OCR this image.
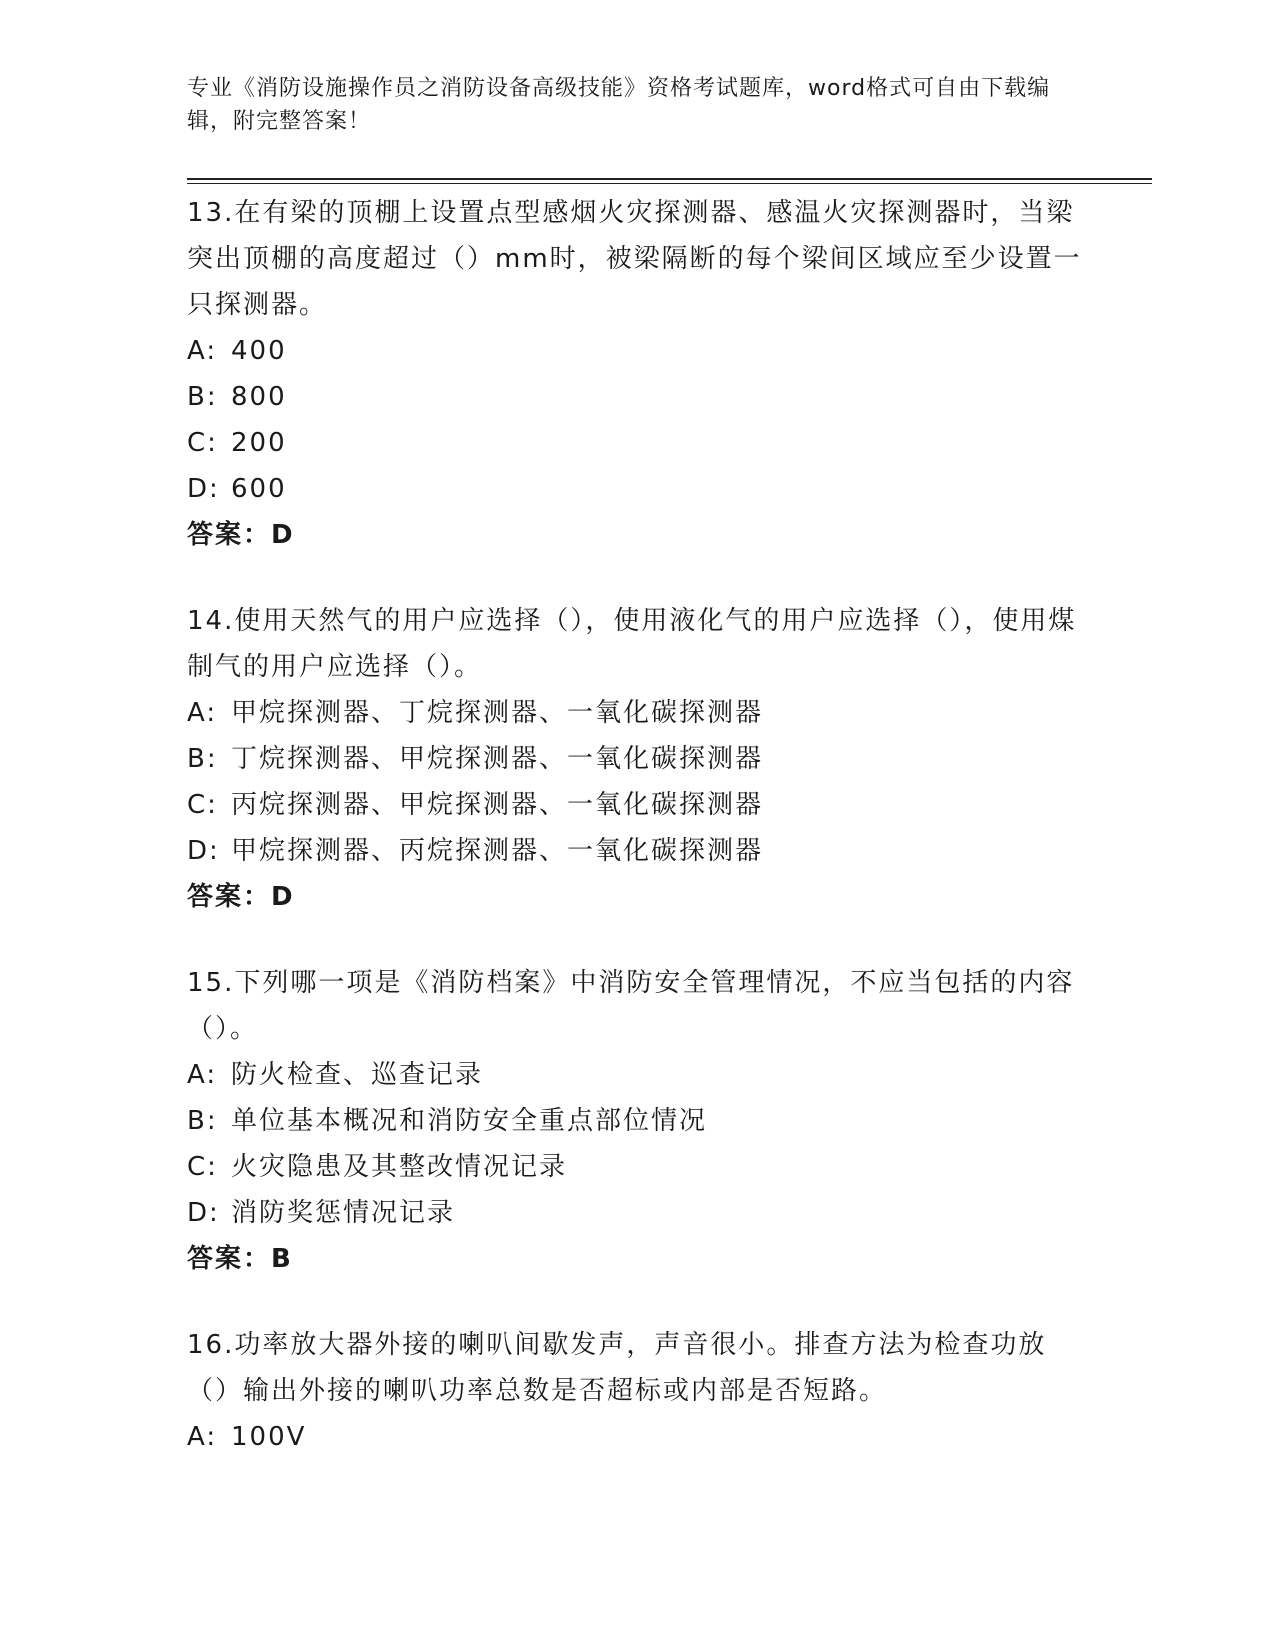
专业《消防设施操作员之消防设备高级技能》资格考试题库，word格式可自由下载编辑，附完整答案！

13.在有梁的顶棚上设置点型感烟火灾探测器、感温火灾探测器时，当梁突出顶棚的高度超过（）mm时，被梁隔断的每个梁间区域应至少设置一只探测器。

A: 400

B: 800

C: 200

D: 600

答案：D

14.使用天然气的用户应选择（），使用液化气的用户应选择（），使用煤制气的用户应选择（）。

A: 甲烷探测器、丁烷探测器、一氧化碳探测器

B: 丁烷探测器、甲烷探测器、一氧化碳探测器

C: 丙烷探测器、甲烷探测器、一氧化碳探测器

D: 甲烷探测器、丙烷探测器、一氧化碳探测器

答案：D

15.下列哪一项是《消防档案》中消防安全管理情况，不应当包括的内容（）。

A: 防火检查、巡查记录

B: 单位基本概况和消防安全重点部位情况

C: 火灾隐患及其整改情况记录

D: 消防奖惩情况记录

答案：B

16.功率放大器外接的喇叭间歇发声，声音很小。排查方法为检查功放（）输出外接的喇叭功率总数是否超标或内部是否短路。

A: 100V
